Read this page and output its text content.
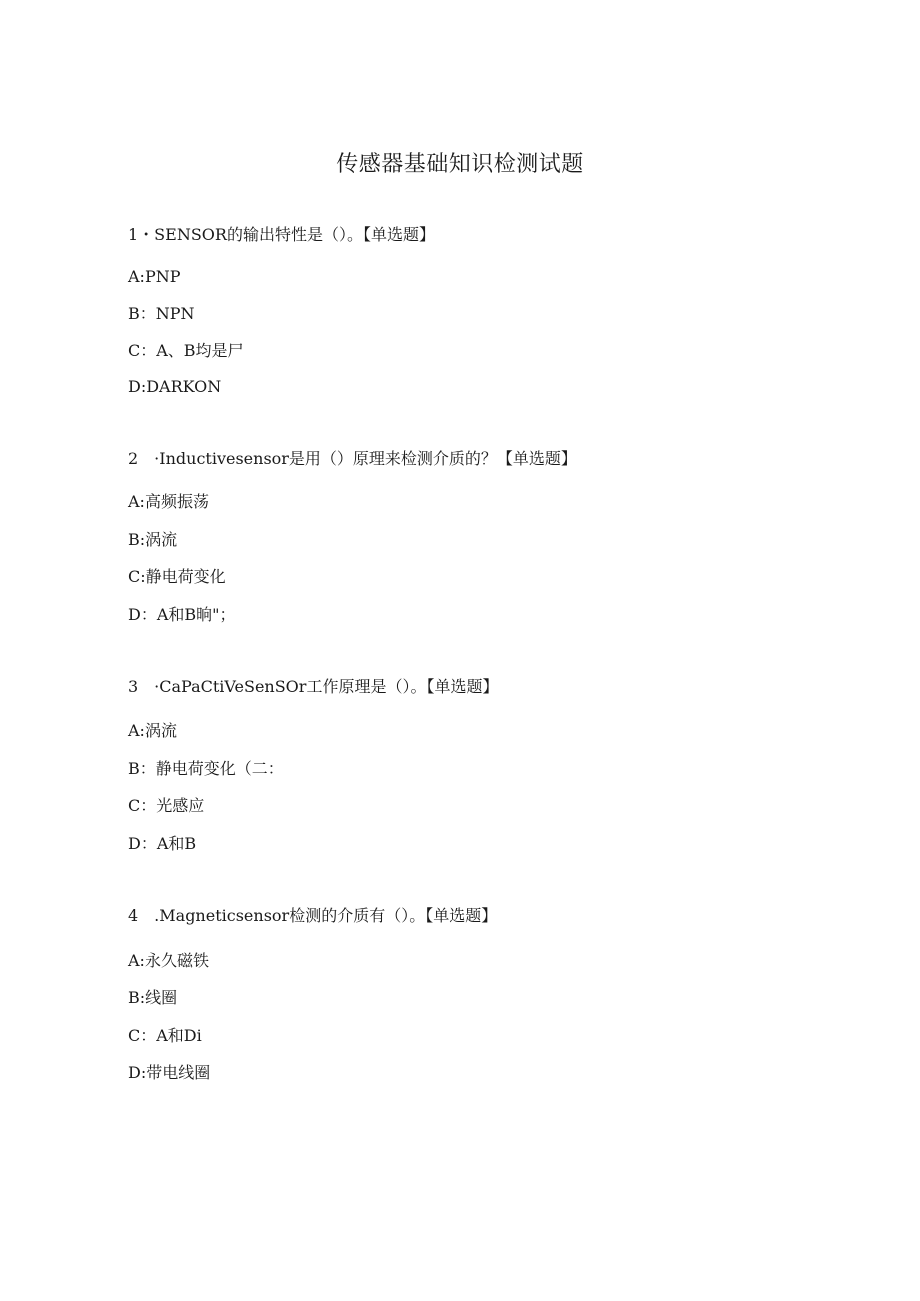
传感器基础知识检测试题
1・SENSOR的输出特性是（）。【单选题】
A:PNP
B：NPN
C：A、B均是尸
D:DARKON
2　·Inductivesensor是用（）原理来检测介质的？【单选题】
A:高频振荡
B:涡流
C:静电荷变化
D：A和B晌"；
3　·CaPaCtiVeSenSOr工作原理是（）。【单选题】
A:涡流
B：静电荷变化（二：
C：光感应
D：A和B
4　.Magneticsensor检测的介质有（）。【单选题】
A:永久磁铁
B:线圈
C：A和Di
D:带电线圈
